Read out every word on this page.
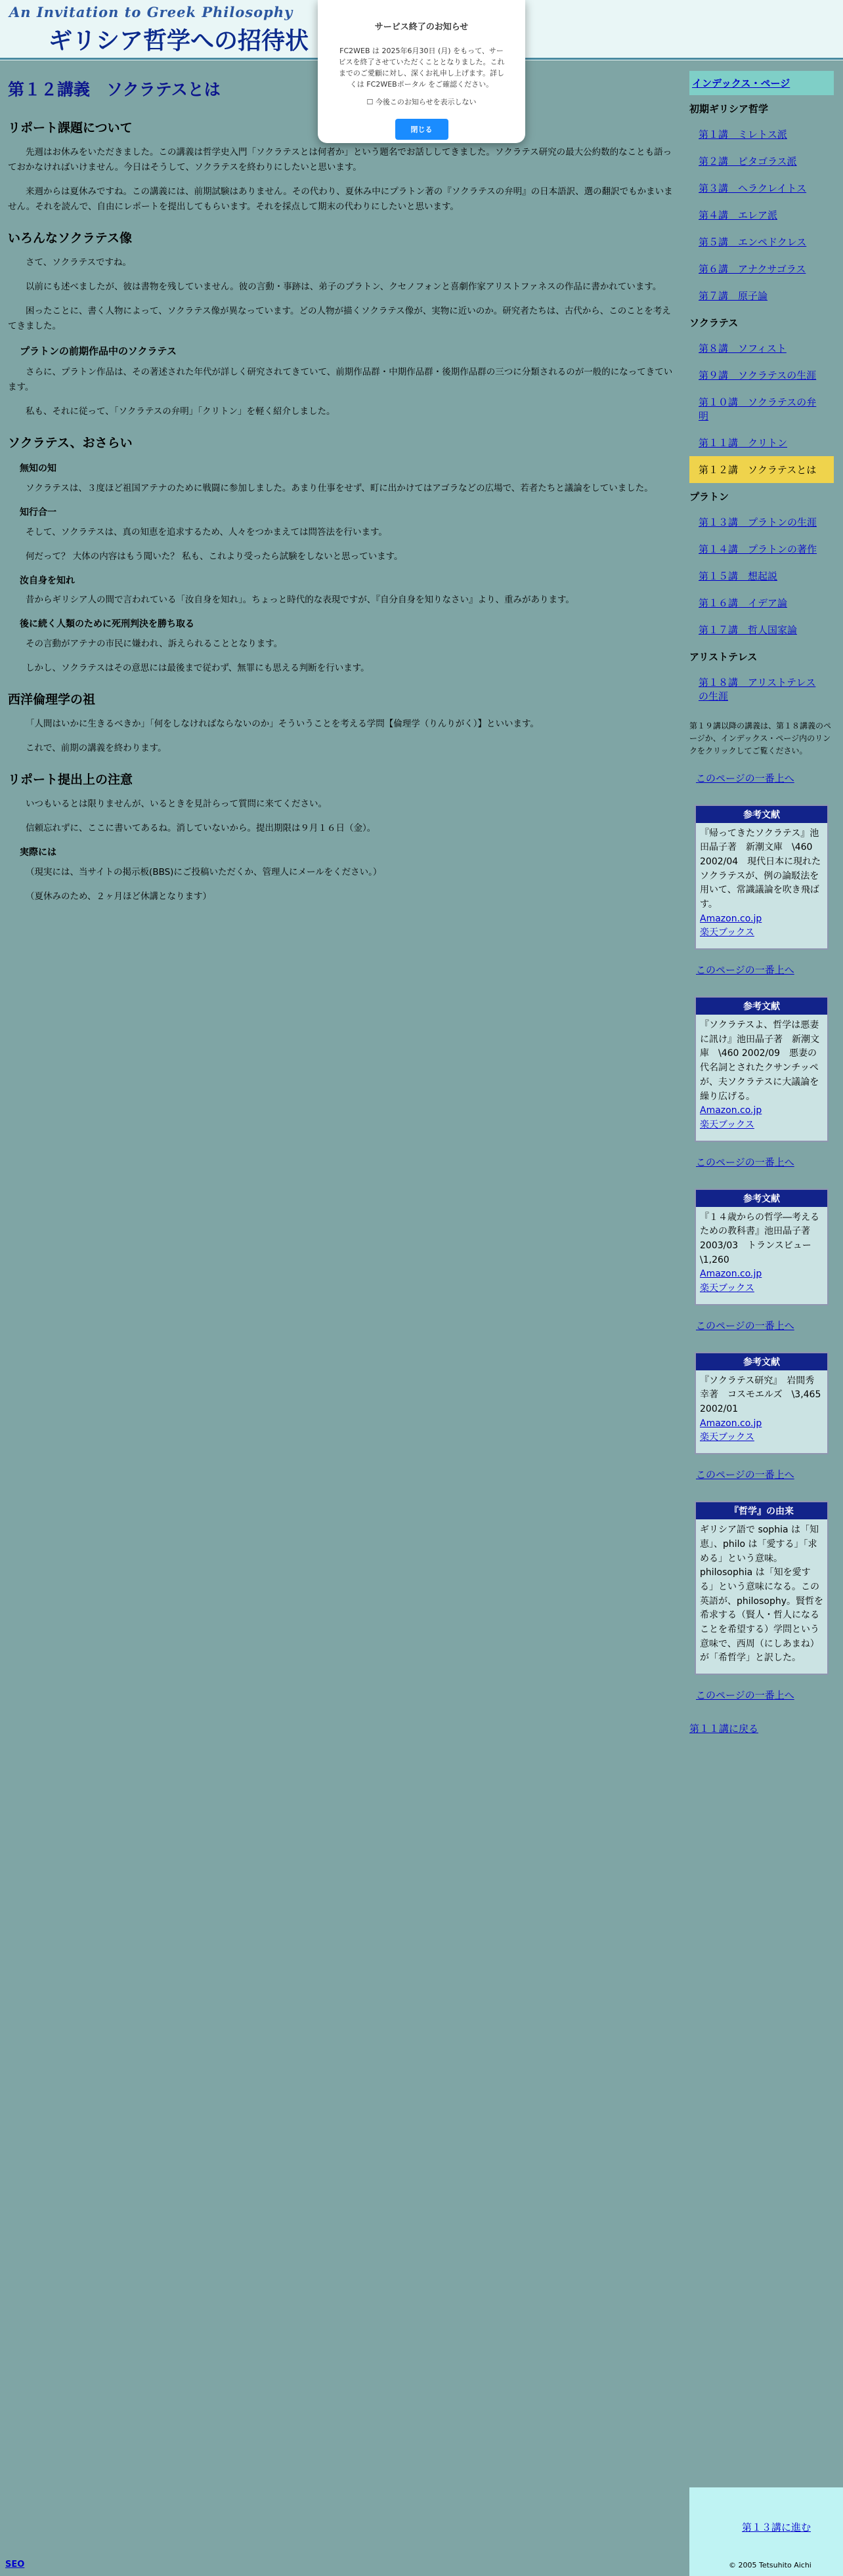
An Invitation to Greek Philosophy
ギリシア哲学への招待状
第１２講義　ソクラテスとは
リポート課題について

先週はお休みをいただきました。この講義は哲学史入門「ソクラテスとは何者か」という題名でお話ししてきました。ソクラテス研究の最大公約数的なことも語っておかなければいけません。今日はそうして、ソクラテスを終わりにしたいと思います。

来週からは夏休みですね。この講義には、前期試験はありません。その代わり、夏休み中にプラトン著の『ソクラテスの弁明』の日本語訳、選の翻訳でもかまいません。それを読んで、自由にレポートを提出してもらいます。それを採点して期末の代わりにしたいと思います。

いろんなソクラテス像

さて、ソクラテスですね。

以前にも述べましたが、彼は書物を残していません。彼の言動・事跡は、弟子のプラトン、クセノフォンと喜劇作家アリストファネスの作品に書かれています。

困ったことに、書く人物によって、ソクラテス像が異なっています。どの人物が描くソクラテス像が、実物に近いのか。研究者たちは、古代から、このことを考えてきました。

プラトンの前期作品中のソクラテス

さらに、プラトン作品は、その著述された年代が詳しく研究されてきていて、前期作品群・中期作品群・後期作品群の三つに分類されるのが一般的になってきています。

私も、それに従って、「ソクラテスの弁明」「クリトン」を軽く紹介しました。

ソクラテス、おさらい
無知の知

ソクラテスは、３度ほど祖国アテナのために戦闘に参加しました。あまり仕事をせず、町に出かけてはアゴラなどの広場で、若者たちと議論をしていました。

知行合一

そして、ソクラテスは、真の知恵を追求するため、人々をつかまえては問答法を行います。

何だって？ 大体の内容はもう聞いた？ 私も、これより受ったら試験をしないと思っています。

汝自身を知れ

昔からギリシア人の間で言われている「汝自身を知れ」。ちょっと時代的な表現ですが、『自分自身を知りなさい』より、重みがあります。

後に続く人類のために死刑判決を勝ち取る

その言動がアテナの市民に嫌われ、訴えられることとなります。

しかし、ソクラテスはその意思には最後まで従わず、無罪にも思える判断を行います。

西洋倫理学の祖

「人間はいかに生きるべきか」「何をしなければならないのか」そういうことを考える学問【倫理学（りんりがく）】といいます。

これで、前期の講義を終わります。

リポート提出上の注意

いつもいるとは限りませんが、いるときを見計らって質問に来てください。

信頼忘れずに、ここに書いてあるね。消していないから。提出期限は９月１６日（金）。

実際には

（現実には、当サイトの掲示板(BBS)にご投稿いただくか、管理人にメールをください。）

（夏休みのため、２ヶ月ほど休講となります）

インデックス・ページ
初期ギリシア哲学
第１講　ミレトス派
第２講　ピタゴラス派
第３講　ヘラクレイトス
第４講　エレア派
第５講　エンペドクレス
第６講　アナクサゴラス
第７講　原子論
ソクラテス
第８講　ソフィスト
第９講　ソクラテスの生涯
第１０講　ソクラテスの弁明
第１１講　クリトン
第１２講　ソクラテスとは
プラトン
第１３講　プラトンの生涯
第１４講　プラトンの著作
第１５講　想起説
第１６講　イデア論
第１７講　哲人国家論
アリストテレス
第１８講　アリストテレスの生涯
第１９講以降の講義は、第１８講義のページか、インデックス・ページ内のリンクをクリックしてご覧ください。
このページの一番上へ
参考文献
『帰ってきたソクラテス』池田晶子著　新潮文庫　\460 2002/04　現代日本に現れたソクラテスが、例の論駁法を用いて、常識議論を吹き飛ばす。
Amazon.co.jp
楽天ブックス
このページの一番上へ
参考文献
『ソクラテスよ、哲学は悪妻に訊け』池田晶子著　新潮文庫　\460 2002/09　悪妻の代名詞とされたクサンチッペが、夫ソクラテスに大議論を繰り広げる。
Amazon.co.jp
楽天ブックス
このページの一番上へ
参考文献
『１４歳からの哲学―考えるための教科書』池田晶子著　2003/03　トランスビュー \1,260
Amazon.co.jp
楽天ブックス
このページの一番上へ
参考文献
『ソクラテス研究』　岩間秀幸著　コスモエルズ　\3,465 2002/01
Amazon.co.jp
楽天ブックス
このページの一番上へ
『哲学』の由来
ギリシア語で sophia は「知恵」、philo は「愛する」「求める」という意味。philosophia は「知を愛する」という意味になる。この英語が、philosophy。賢哲を希求する（賢人・哲人になることを希望する）学問という意味で、西周（にしあまね）が「希哲学」と訳した。
このページの一番上へ
第１１講に戻る
SEO
第１３講に進む
© 2005 Tetsuhito Aichi
サービス終了のお知らせ
FC2WEB は 2025年6月30日 (月) をもって、サービスを終了させていただくこととなりました。これまでのご愛顧に対し、深くお礼申し上げます。詳しくは FC2WEBポータル をご確認ください。
☐ 今後このお知らせを表示しない
閉じる
